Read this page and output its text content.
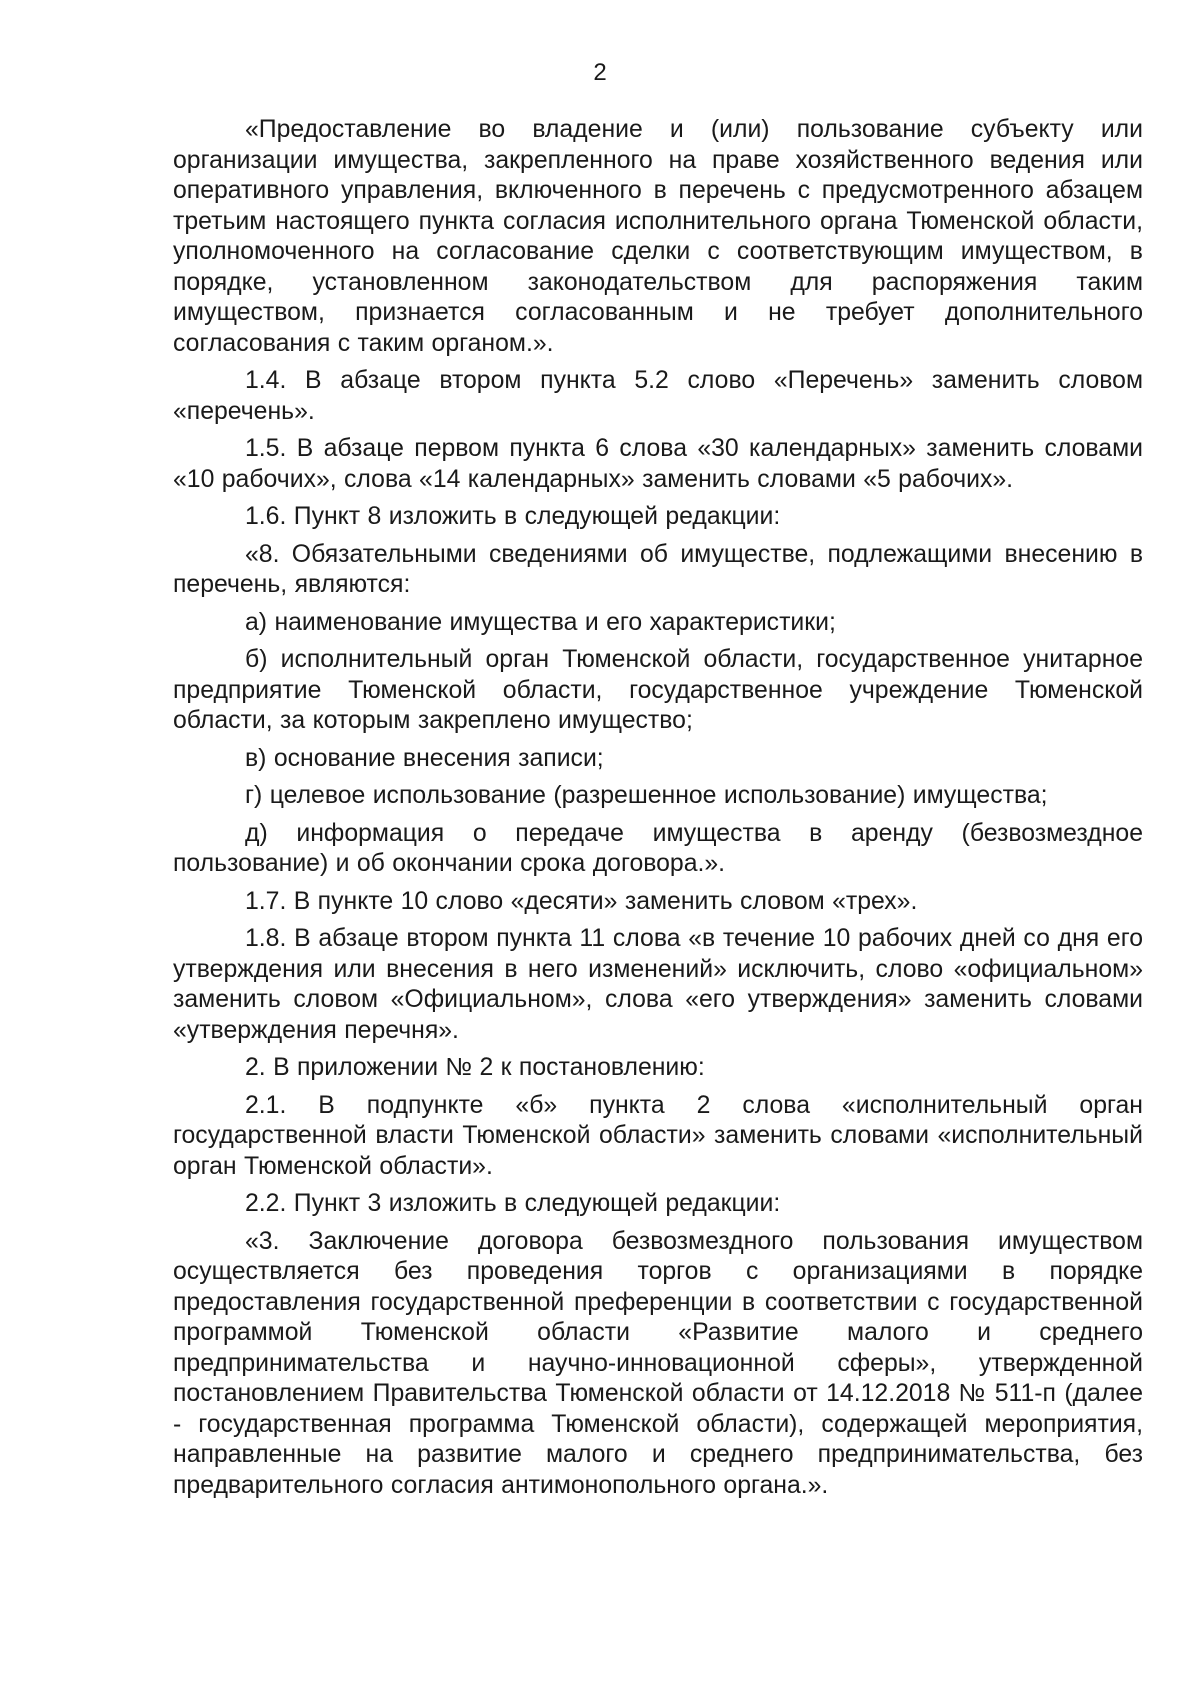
2

«Предоставление во владение и (или) пользование субъекту или организации имущества, закрепленного на праве хозяйственного ведения или оперативного управления, включенного в перечень с предусмотренного абзацем третьим настоящего пункта согласия исполнительного органа Тюменской области, уполномоченного на согласование сделки с соответствующим имуществом, в порядке, установленном законодательством для распоряжения таким имуществом, признается согласованным и не требует дополнительного согласования с таким органом.».

1.4. В абзаце втором пункта 5.2 слово «Перечень» заменить словом «перечень».

1.5. В абзаце первом пункта 6 слова «30 календарных» заменить словами «10 рабочих», слова «14 календарных» заменить словами «5 рабочих».

1.6. Пункт 8 изложить в следующей редакции:

«8. Обязательными сведениями об имуществе, подлежащими внесению в перечень, являются:

а) наименование имущества и его характеристики;

б) исполнительный орган Тюменской области, государственное унитарное предприятие Тюменской области, государственное учреждение Тюменской области, за которым закреплено имущество;

в) основание внесения записи;

г) целевое использование (разрешенное использование) имущества;

д) информация о передаче имущества в аренду (безвозмездное пользование) и об окончании срока договора.».

1.7. В пункте 10 слово «десяти» заменить словом «трех».

1.8. В абзаце втором пункта 11 слова «в течение 10 рабочих дней со дня его утверждения или внесения в него изменений» исключить, слово «официальном» заменить словом «Официальном», слова «его утверждения» заменить словами «утверждения перечня».

2. В приложении № 2 к постановлению:

2.1. В подпункте «б» пункта 2 слова «исполнительный орган государственной власти Тюменской области» заменить словами «исполнительный орган Тюменской области».

2.2. Пункт 3 изложить в следующей редакции:

«3. Заключение договора безвозмездного пользования имуществом осуществляется без проведения торгов с организациями в порядке предоставления государственной преференции в соответствии с государственной программой Тюменской области «Развитие малого и среднего предпринимательства и научно-инновационной сферы», утвержденной постановлением Правительства Тюменской области от 14.12.2018 № 511-п (далее - государственная программа Тюменской области), содержащей мероприятия, направленные на развитие малого и среднего предпринимательства, без предварительного согласия антимонопольного органа.».
